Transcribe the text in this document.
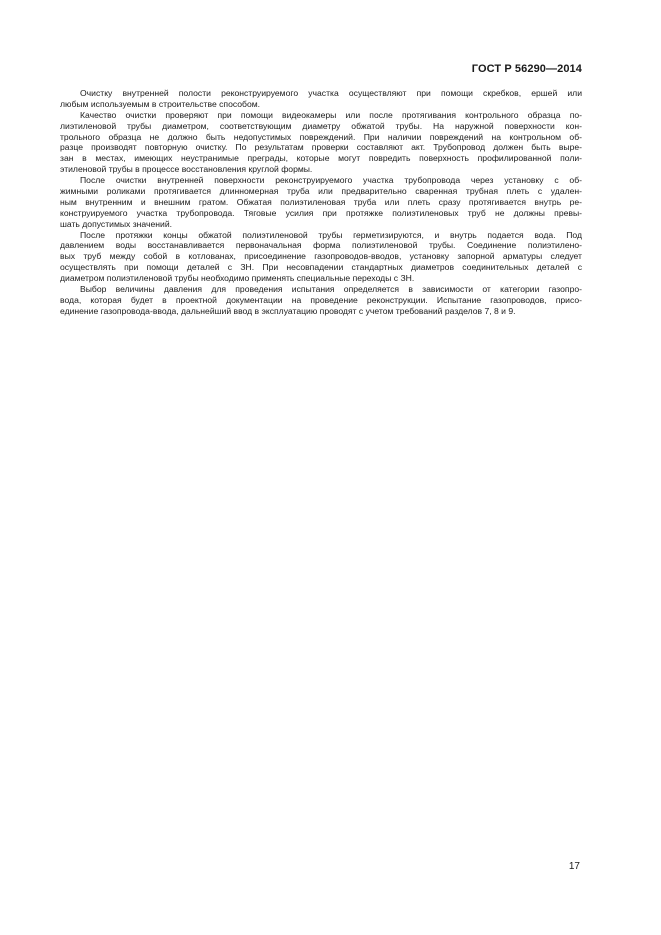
ГОСТ Р 56290—2014
Очистку внутренней полости реконструируемого участка осуществляют при помощи скребков, ершей или
любым используемым в строительстве способом.
Качество очистки проверяют при помощи видеокамеры или после протягивания контрольного образца по-
лиэтиленовой трубы диаметром, соответствующим диаметру обжатой трубы. На наружной поверхности кон-
трольного образца не должно быть недопустимых повреждений. При наличии повреждений на контрольном об-
разце производят повторную очистку. По результатам проверки составляют акт. Трубопровод должен быть выре-
зан в местах, имеющих неустранимые преграды, которые могут повредить поверхность профилированной поли-
этиленовой трубы в процессе восстановления круглой формы.
После очистки внутренней поверхности реконструируемого участка трубопровода через установку с об-
жимными роликами протягивается длинномерная труба или предварительно сваренная трубная плеть с удален-
ным внутренним и внешним гратом. Обжатая полиэтиленовая труба или плеть сразу протягивается внутрь ре-
конструируемого участка трубопровода. Тяговые усилия при протяжке полиэтиленовых труб не должны превы-
шать допустимых значений.
После протяжки концы обжатой полиэтиленовой трубы герметизируются, и внутрь подается вода. Под
давлением воды восстанавливается первоначальная форма полиэтиленовой трубы. Соединение полиэтилено-
вых труб между собой в котлованах, присоединение газопроводов-вводов, установку запорной арматуры следует
осуществлять при помощи деталей с ЗН. При несовпадении стандартных диаметров соединительных деталей с
диаметром полиэтиленовой трубы необходимо применять специальные переходы с ЗН.
Выбор величины давления для проведения испытания определяется в зависимости от категории газопро-
вода, которая будет в проектной документации на проведение реконструкции. Испытание газопроводов, присо-
единение газопровода-ввода, дальнейший ввод в эксплуатацию проводят с учетом требований разделов 7, 8 и 9.
17
